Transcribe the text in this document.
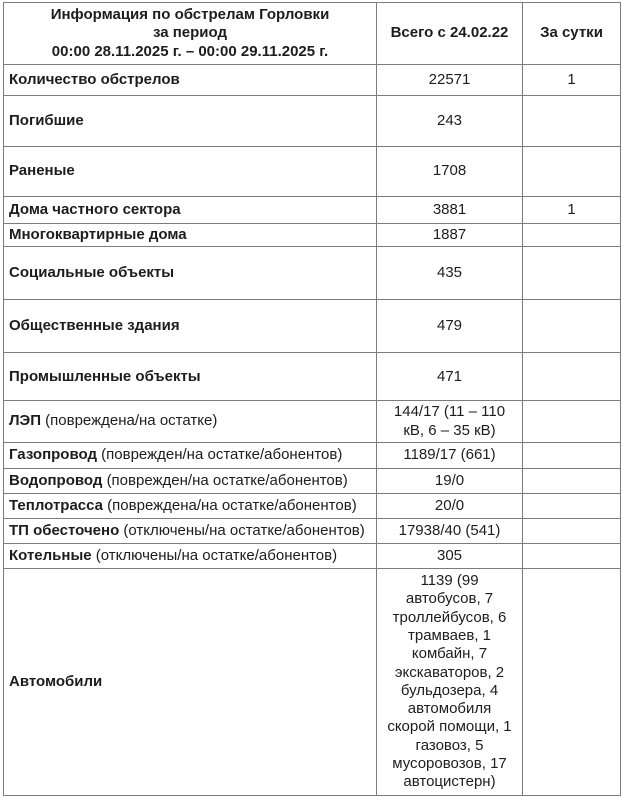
Информация по обстрелам Горловки
за период
00:00 28.11.2025 г. – 00:00 29.11.2025 г.	Всего с 24.02.22	За сутки
Количество обстрелов	22571	1
Погибшие	243	
Раненые	1708	
Дома частного сектора	3881	1
Многоквартирные дома	1887	
Социальные объекты	435	
Общественные здания	479	
Промышленные объекты	471	
ЛЭП (повреждена/на остатке)	144/17 (11 – 110 кВ, 6 – 35 кВ)	
Газопровод (поврежден/на остатке/абонентов)	1189/17 (661)	
Водопровод (поврежден/на остатке/абонентов)	19/0	
Теплотрасса (повреждена/на остатке/абонентов)	20/0	
ТП обесточено (отключены/на остатке/абонентов)	17938/40 (541)	
Котельные (отключены/на остатке/абонентов)	305	
Автомобили	1139 (99 автобусов, 7 троллейбусов, 6 трамваев, 1 комбайн, 7 экскаваторов, 2 бульдозера, 4 автомобиля скорой помощи, 1 газовоз, 5 мусоровозов, 17 автоцистерн)	
